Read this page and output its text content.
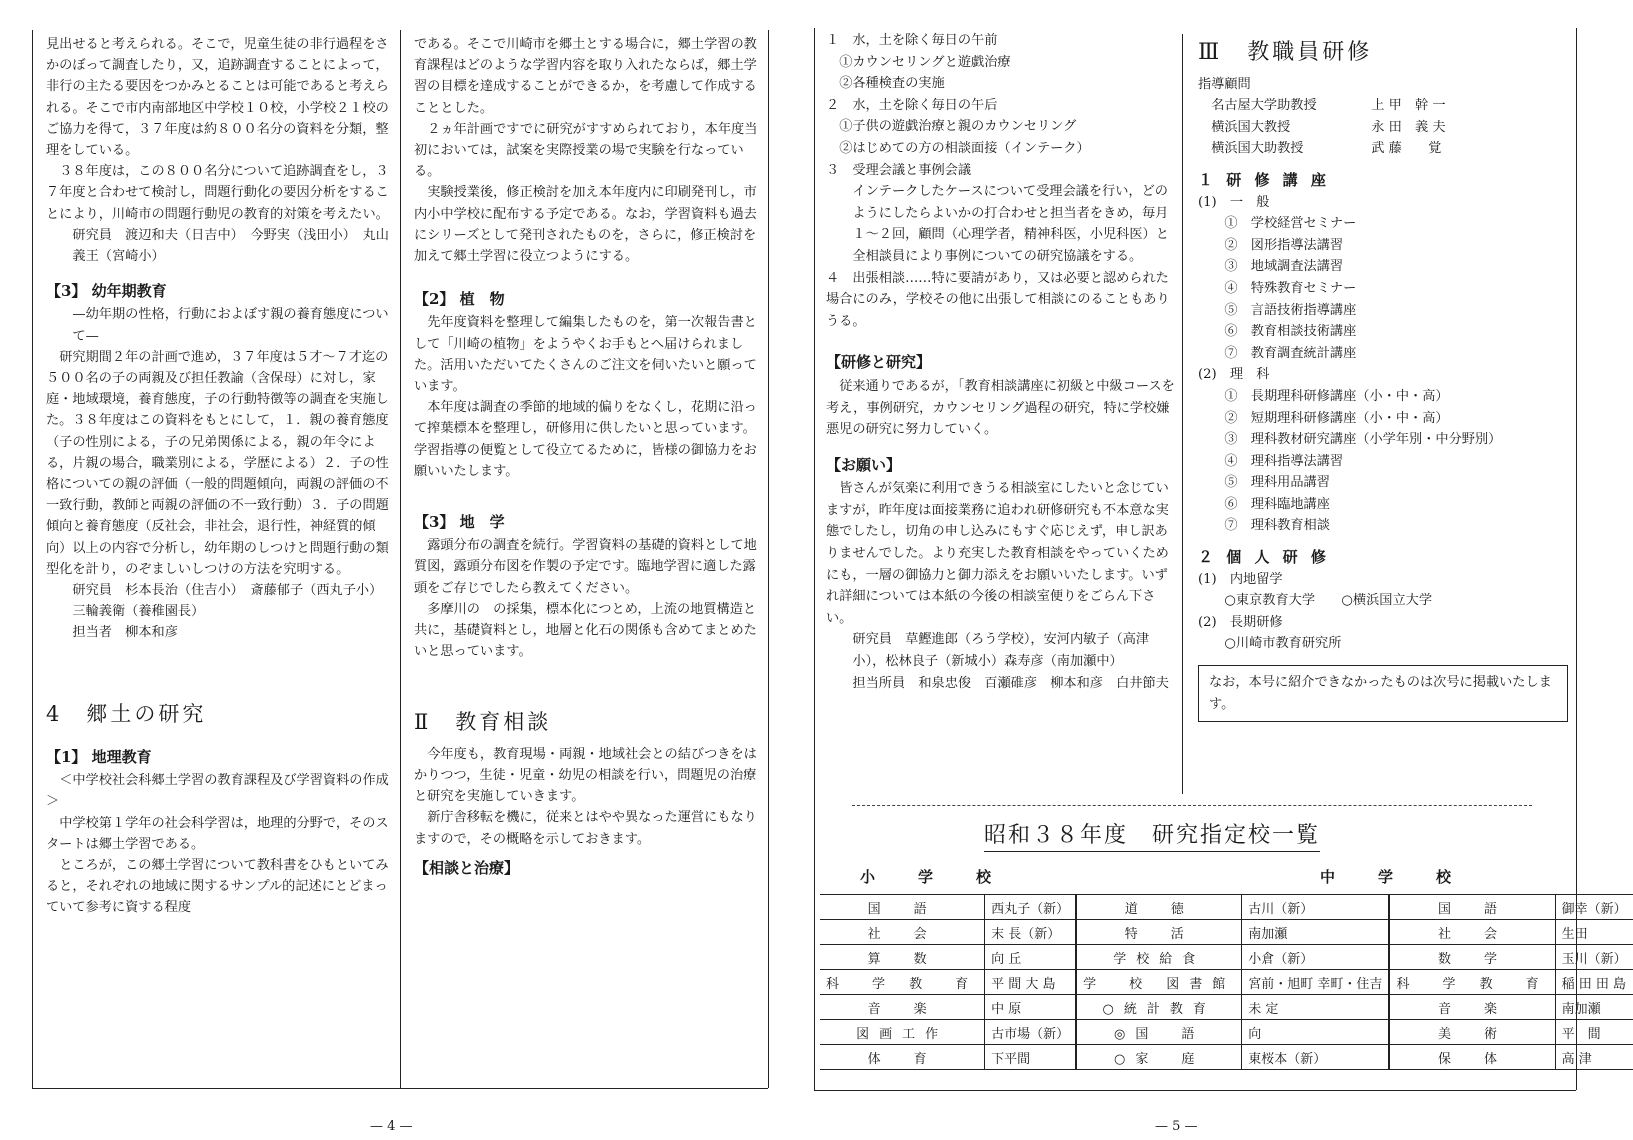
見出せると考えられる。そこで，児童生徒の非行過程をさかのぼって調査したり，又，追跡調査することによって，非行の主たる要因をつかみとることは可能であると考えられる。そこで市内南部地区中学校１０校，小学校２１校のご協力を得て，３７年度は約８００名分の資料を分類，整理をしている。

３８年度は，この８００名分について追跡調査をし，３７年度と合わせて検討し，問題行動化の要因分析をすることにより，川崎市の問題行動児の教育的対策を考えたい。

研究員　渡辺和夫（日吉中）　今野実（浅田小）　丸山義王（宮崎小）

【3】 幼年期教育

—幼年期の性格，行動におよぼす親の養育態度について—

研究期間２年の計画で進め，３７年度は５才〜７才迄の５００名の子の両親及び担任教諭（含保母）に対し，家庭・地域環境，養育態度，子の行動特徴等の調査を実施した。３８年度はこの資料をもとにして，１．親の養育態度（子の性別による，子の兄弟関係による，親の年令による，片親の場合，職業別による，学歴による）２．子の性格についての親の評価（一般的問題傾向，両親の評価の不一致行動，教師と両親の評価の不一致行動）３．子の問題傾向と養育態度（反社会，非社会，退行性，神経質的傾向）以上の内容で分析し，幼年期のしつけと問題行動の類型化を計り，のぞましいしつけの方法を究明する。

研究員　杉本長治（住吉小）　斎藤郁子（西丸子小）　三輪義衛（養稚園長）

担当者　柳本和彦

4　郷土の研究

【1】 地理教育

＜中学校社会科郷土学習の教育課程及び学習資料の作成＞

中学校第１学年の社会科学習は，地理的分野で，そのスタートは郷土学習である。

ところが，この郷土学習について教科書をひもといてみると，それぞれの地域に関するサンプル的記述にとどまっていて参考に資する程度

である。そこで川崎市を郷土とする場合に，郷土学習の教育課程はどのような学習内容を取り入れたならば，郷土学習の目標を達成することができるか，を考慮して作成することとした。

２ヵ年計画ですでに研究がすすめられており，本年度当初においては，試案を実際授業の場で実験を行なっている。

実験授業後，修正検討を加え本年度内に印刷発刊し，市内小中学校に配布する予定である。なお，学習資料も過去にシリーズとして発刊されたものを，さらに，修正検討を加えて郷土学習に役立つようにする。

【2】 植　物

先年度資料を整理して編集したものを，第一次報告書として「川崎の植物」をようやくお手もとへ届けられました。活用いただいてたくさんのご注文を伺いたいと願っています。

本年度は調査の季節的地域的偏りをなくし，花期に沿って搾葉標本を整理し，研修用に供したいと思っています。学習指導の便覧として役立てるために，皆様の御協力をお願いいたします。

【3】 地　学

露頭分布の調査を続行。学習資料の基礎的資料として地質図，露頭分布図を作製の予定です。臨地学習に適した露頭をご存じでしたら教えてください。

多摩川の　の採集，標本化につとめ，上流の地質構造と共に，基礎資料とし，地層と化石の関係も含めてまとめたいと思っています。

Ⅱ　教育相談

今年度も，教育現場・両親・地域社会との結びつきをはかりつつ，生徒・児童・幼児の相談を行い，問題児の治療と研究を実施していきます。

新庁舎移転を機に，従来とはやや異なった運営にもなりますので，その概略を示しておきます。

【相談と治療】

— 4 —

１　水，土を除く毎日の午前

①カウンセリングと遊戯治療

②各種検査の実施

２　水，土を除く毎日の午后

①子供の遊戯治療と親のカウンセリング

②はじめての方の相談面接（インテーク）

３　受理会議と事例会議

インテークしたケースについて受理会議を行い，どのようにしたらよいかの打合わせと担当者をきめ，毎月１〜２回，顧問（心理学者，精神科医，小児科医）と全相談員により事例についての研究協議をする。

４　出張相談……特に要請があり，又は必要と認められた場合にのみ，学校その他に出張して相談にのることもありうる。

【研修と研究】

従来通りであるが，「教育相談講座に初級と中級コースを考え，事例研究，カウンセリング過程の研究，特に学校嫌悪児の研究に努力していく。

【お願い】

皆さんが気楽に利用できうる相談室にしたいと念じていますが，昨年度は面接業務に追われ研修研究も不本意な実態でしたし，切角の申し込みにもすぐ応じえず，申し訳ありませんでした。より充実した教育相談をやっていくためにも，一層の御協力と御力添えをお願いいたします。いずれ詳細については本紙の今後の相談室便りをごらん下さい。

研究員　草鰹進郎（ろう学校），安河内敏子（高津小），松林良子（新城小）森寿彦（南加瀬中）

担当所員　和泉忠俊　百瀬碓彦　柳本和彦　白井節夫

Ⅲ　教職員研修

指導顧問

名古屋大学助教授	上 甲　幹 一
横浜国大教授	永 田　義 夫
横浜国大助教授	武 藤　　覚

１ 研 修 講 座

(1)　一　般

①　学校経営セミナー

②　図形指導法講習

③　地域調査法講習

④　特殊教育セミナー

⑤　言語技術指導講座

⑥　教育相談技術講座

⑦　教育調査統計講座

(2)　理　科

①　長期理科研修講座（小・中・高）

②　短期理科研修講座（小・中・高）

③　理科教材研究講座（小学年別・中分野別）

④　理科指導法講習

⑤　理科用品講習

⑥　理科臨地講座

⑦　理科教育相談

２ 個 人 研 修

(1)　内地留学

○東京教育大学　　○横浜国立大学

(2)　長期研修

○川崎市教育研究所

なお，本号に紹介できなかったものは次号に掲載いたします。

昭和３８年度　研究指定校一覧
小　学　校	中　学　校
国　語	西丸子（新）	道　徳	古川（新）	国　語	御幸（新）
社　会	末 長（新）	特　活	南加瀬	社　会	生田
算　数	向 丘	学校給食	小倉（新）	数　学	玉川（新）
科　学 教　育	平 間 大 島	学　校 図書館	宮前・旭町 幸町・住吉	科　学 教　育	稲 田 田 島
音　楽	中 原	○統計教育	未 定	音　楽	南加瀬
図画工作	古市場（新）	◎国　語	向	美　術	平　間
体　育	下平間	○家　庭	東桜本（新）	保　体	高 津
— 5 —
